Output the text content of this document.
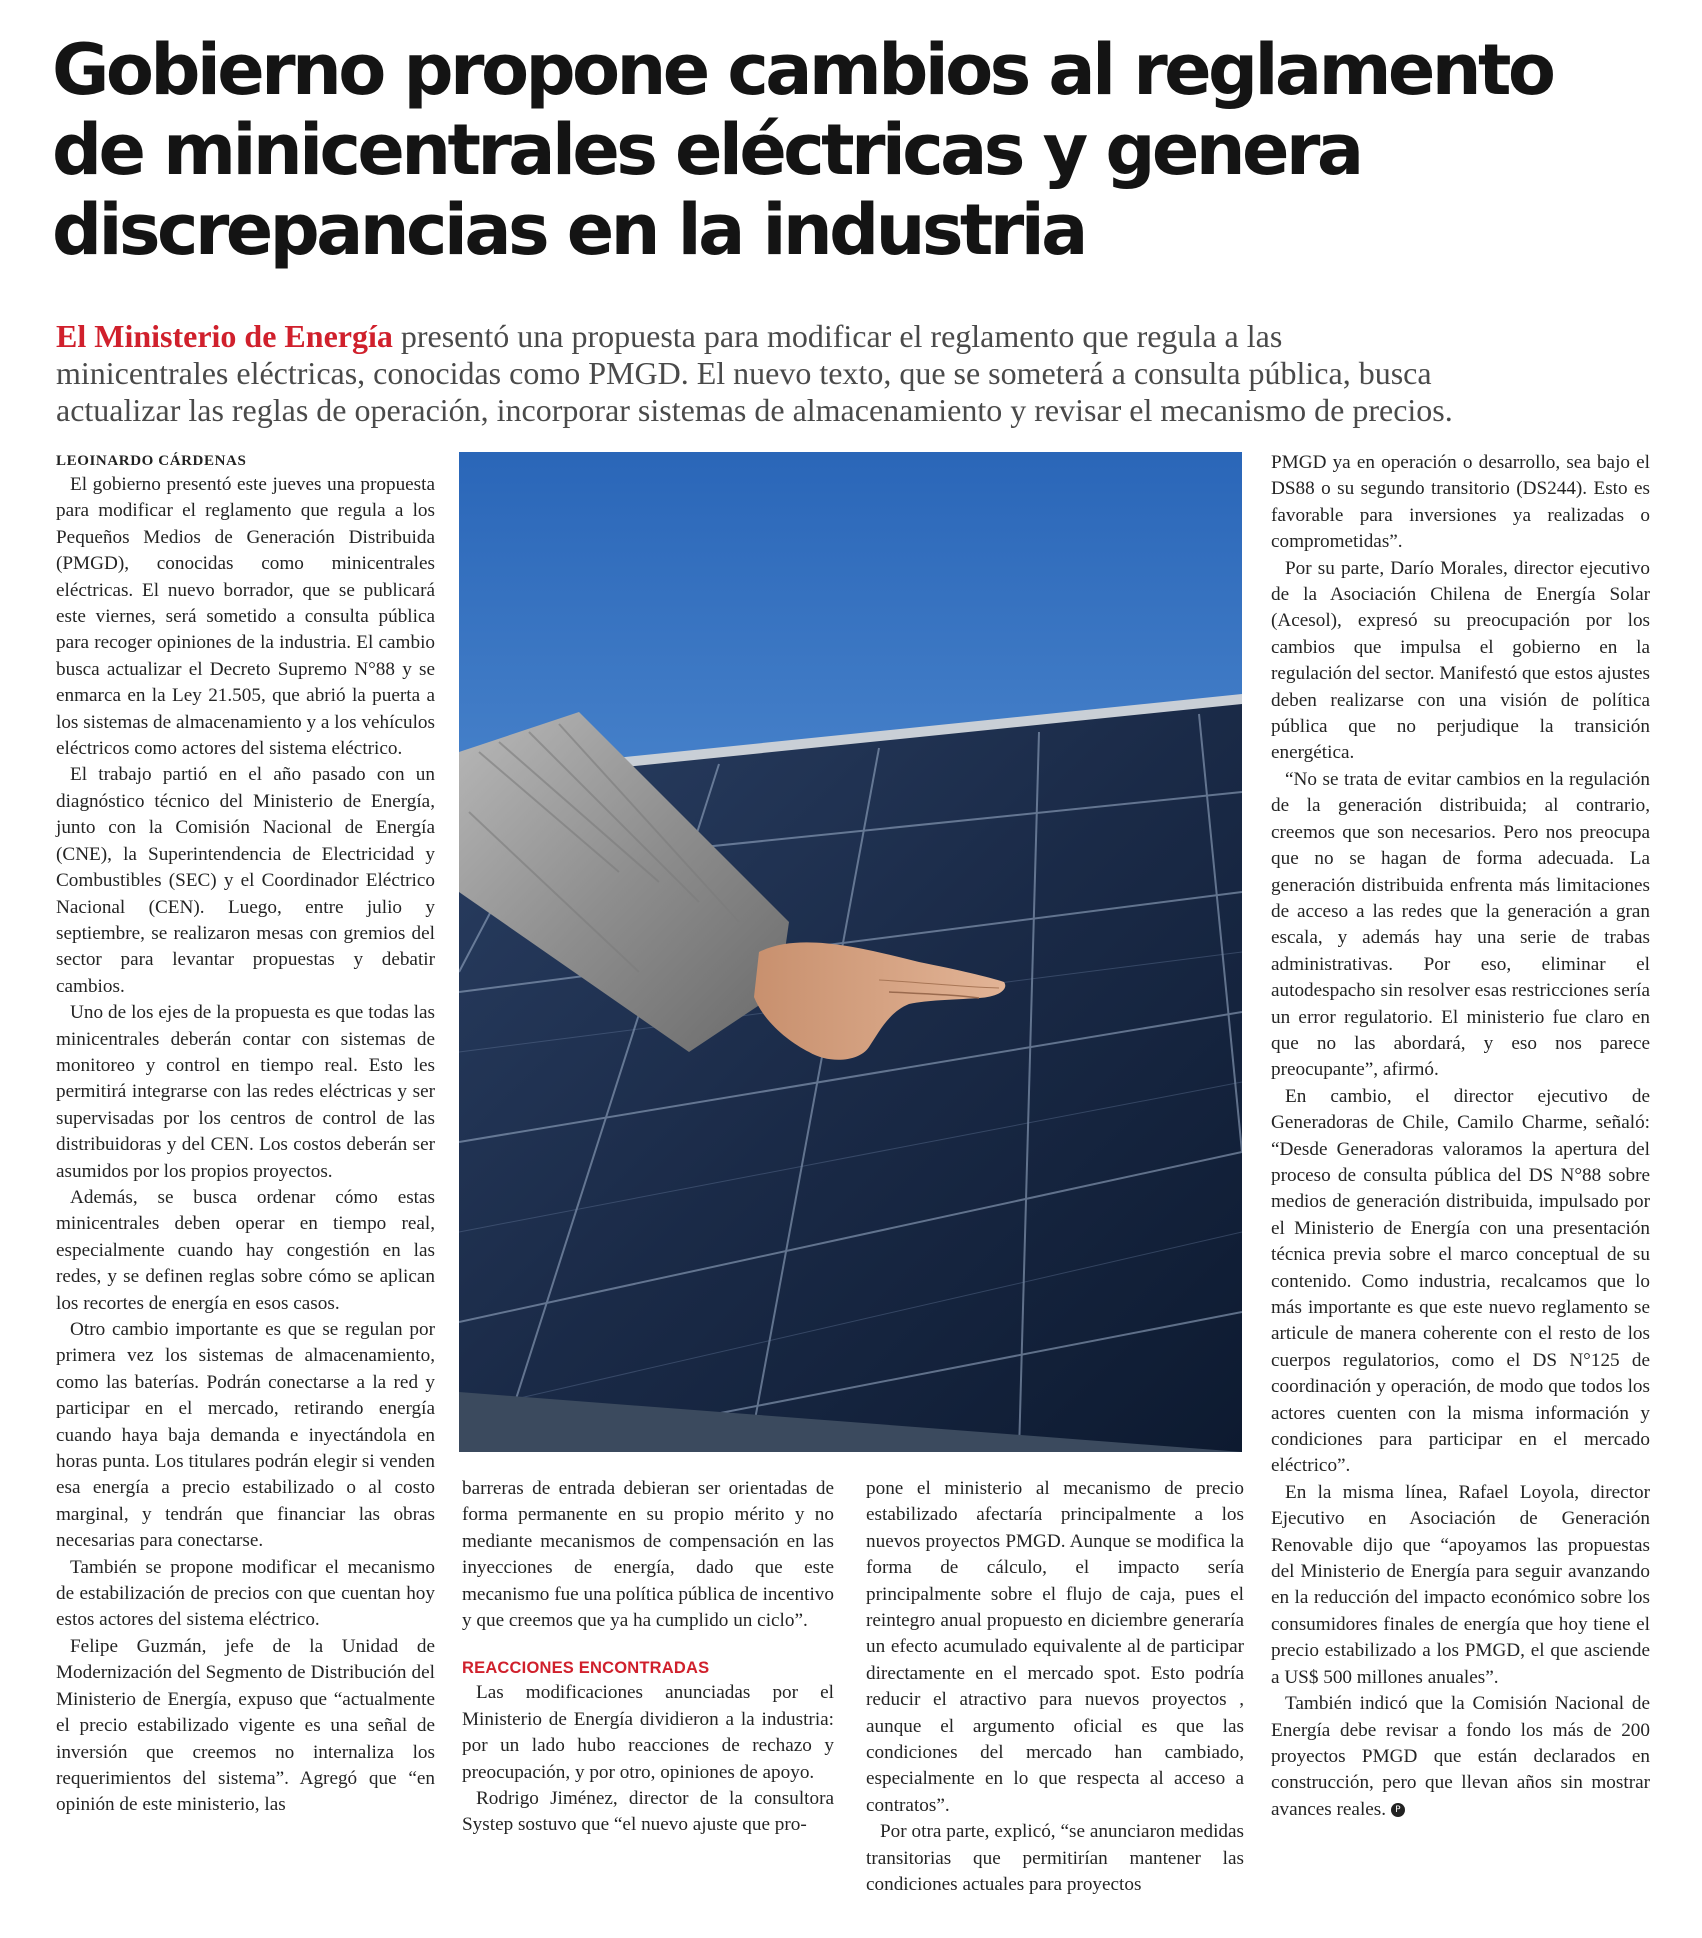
Gobierno propone cambios al reglamento
de minicentrales eléctricas y genera
discrepancias en la industria
El Ministerio de Energía presentó una propuesta para modificar el reglamento que regula a las
minicentrales eléctricas, conocidas como PMGD. El nuevo texto, que se someterá a consulta pública, busca
actualizar las reglas de operación, incorporar sistemas de almacenamiento y revisar el mecanismo de precios.

LEOINARDO CÁRDENAS

El gobierno presentó este jueves una propuesta para modificar el reglamento que regula a los Pequeños Medios de Generación Distribuida (PMGD), conocidas como minicentrales eléctricas. El nuevo borrador, que se publicará este viernes, será sometido a consulta pública para recoger opiniones de la industria. El cambio busca actualizar el Decreto Supremo N°88 y se enmarca en la Ley 21.505, que abrió la puerta a los sistemas de almacenamiento y a los vehículos eléctricos como actores del sistema eléctrico.

El trabajo partió en el año pasado con un diagnóstico técnico del Ministerio de Energía, junto con la Comisión Nacional de Energía (CNE), la Superintendencia de Electricidad y Combustibles (SEC) y el Coordinador Eléctrico Nacional (CEN). Luego, entre julio y septiembre, se realizaron mesas con gremios del sector para levantar propuestas y debatir cambios.

Uno de los ejes de la propuesta es que todas las minicentrales deberán contar con sistemas de monitoreo y control en tiempo real. Esto les permitirá integrarse con las redes eléctricas y ser supervisadas por los centros de control de las distribuidoras y del CEN. Los costos deberán ser asumidos por los propios proyectos.

Además, se busca ordenar cómo estas minicentrales deben operar en tiempo real, especialmente cuando hay congestión en las redes, y se definen reglas sobre cómo se aplican los recortes de energía en esos casos.

Otro cambio importante es que se regulan por primera vez los sistemas de almacenamiento, como las baterías. Podrán conectarse a la red y participar en el mercado, retirando energía cuando haya baja demanda e inyectándola en horas punta. Los titulares podrán elegir si venden esa energía a precio estabilizado o al costo marginal, y tendrán que financiar las obras necesarias para conectarse.

También se propone modificar el mecanismo de estabilización de precios con que cuentan hoy estos actores del sistema eléctrico.

Felipe Guzmán, jefe de la Unidad de Modernización del Segmento de Distribución del Ministerio de Energía, expuso que “actualmente el precio estabilizado vigente es una señal de inversión que creemos no internaliza los requerimientos del sistema”. Agregó que “en opinión de este ministerio, las

barreras de entrada debieran ser orientadas de forma permanente en su propio mérito y no mediante mecanismos de compensación en las inyecciones de energía, dado que este mecanismo fue una política pública de incentivo y que creemos que ya ha cumplido un ciclo”.

REACCIONES ENCONTRADAS

Las modificaciones anunciadas por el Ministerio de Energía dividieron a la industria: por un lado hubo reacciones de rechazo y preocupación, y por otro, opiniones de apoyo.

Rodrigo Jiménez, director de la consultora Systep sostuvo que “el nuevo ajuste que pro-

pone el ministerio al mecanismo de precio estabilizado afectaría principalmente a los nuevos proyectos PMGD. Aunque se modifica la forma de cálculo, el impacto sería principalmente sobre el flujo de caja, pues el reintegro anual propuesto en diciembre generaría un efecto acumulado equivalente al de participar directamente en el mercado spot. Esto podría reducir el atractivo para nuevos proyectos , aunque el argumento oficial es que las condiciones del mercado han cambiado, especialmente en lo que respecta al acceso a contratos”.

Por otra parte, explicó, “se anunciaron medidas transitorias que permitirían mantener las condiciones actuales para proyectos

PMGD ya en operación o desarrollo, sea bajo el DS88 o su segundo transitorio (DS244). Esto es favorable para inversiones ya realizadas o comprometidas”.

Por su parte, Darío Morales, director ejecutivo de la Asociación Chilena de Energía Solar (Acesol), expresó su preocupación por los cambios que impulsa el gobierno en la regulación del sector. Manifestó que estos ajustes deben realizarse con una visión de política pública que no perjudique la transición energética.

“No se trata de evitar cambios en la regulación de la generación distribuida; al contrario, creemos que son necesarios. Pero nos preocupa que no se hagan de forma adecuada. La generación distribuida enfrenta más limitaciones de acceso a las redes que la generación a gran escala, y además hay una serie de trabas administrativas. Por eso, eliminar el autodespacho sin resolver esas restricciones sería un error regulatorio. El ministerio fue claro en que no las abordará, y eso nos parece preocupante”, afirmó.

En cambio, el director ejecutivo de Generadoras de Chile, Camilo Charme, señaló: “Desde Generadoras valoramos la apertura del proceso de consulta pública del DS N°88 sobre medios de generación distribuida, impulsado por el Ministerio de Energía con una presentación técnica previa sobre el marco conceptual de su contenido. Como industria, recalcamos que lo más importante es que este nuevo reglamento se articule de manera coherente con el resto de los cuerpos regulatorios, como el DS N°125 de coordinación y operación, de modo que todos los actores cuenten con la misma información y condiciones para participar en el mercado eléctrico”.

En la misma línea, Rafael Loyola, director Ejecutivo en Asociación de Generación Renovable dijo que “apoyamos las propuestas del Ministerio de Energía para seguir avanzando en la reducción del impacto económico sobre los consumidores finales de energía que hoy tiene el precio estabilizado a los PMGD, el que asciende a US$ 500 millones anuales”.

También indicó que la Comisión Nacional de Energía debe revisar a fondo los más de 200 proyectos PMGD que están declarados en construcción, pero que llevan años sin mostrar avances reales. P
